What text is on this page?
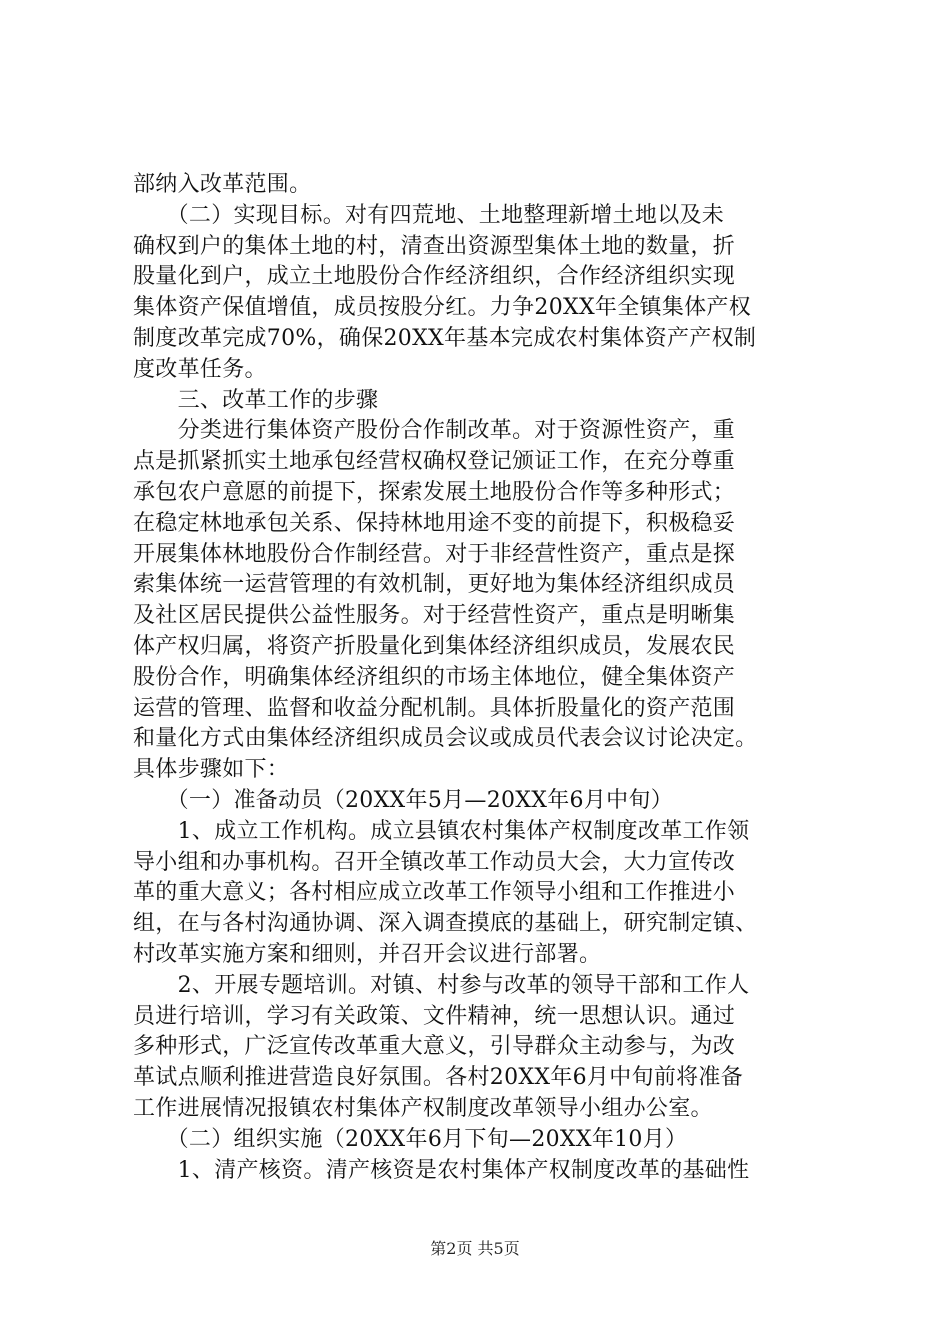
部纳入改革范围。
　　（二）实现目标。对有四荒地、土地整理新增土地以及未
确权到户的集体土地的村，清查出资源型集体土地的数量，折
股量化到户，成立土地股份合作经济组织，合作经济组织实现
集体资产保值增值，成员按股分红。力争20XX年全镇集体产权
制度改革完成70%，确保20XX年基本完成农村集体资产产权制
度改革任务。
　　三、改革工作的步骤
　　分类进行集体资产股份合作制改革。对于资源性资产，重
点是抓紧抓实土地承包经营权确权登记颁证工作，在充分尊重
承包农户意愿的前提下，探索发展土地股份合作等多种形式；
在稳定林地承包关系、保持林地用途不变的前提下，积极稳妥
开展集体林地股份合作制经营。对于非经营性资产，重点是探
索集体统一运营管理的有效机制，更好地为集体经济组织成员
及社区居民提供公益性服务。对于经营性资产，重点是明晰集
体产权归属，将资产折股量化到集体经济组织成员，发展农民
股份合作，明确集体经济组织的市场主体地位，健全集体资产
运营的管理、监督和收益分配机制。具体折股量化的资产范围
和量化方式由集体经济组织成员会议或成员代表会议讨论决定。
具体步骤如下：
　　（一）准备动员（20XX年5月—20XX年6月中旬）
　　1、成立工作机构。成立县镇农村集体产权制度改革工作领
导小组和办事机构。召开全镇改革工作动员大会，大力宣传改
革的重大意义；各村相应成立改革工作领导小组和工作推进小
组，在与各村沟通协调、深入调查摸底的基础上，研究制定镇、
村改革实施方案和细则，并召开会议进行部署。
　　2、开展专题培训。对镇、村参与改革的领导干部和工作人
员进行培训，学习有关政策、文件精神，统一思想认识。通过
多种形式，广泛宣传改革重大意义，引导群众主动参与，为改
革试点顺利推进营造良好氛围。各村20XX年6月中旬前将准备
工作进展情况报镇农村集体产权制度改革领导小组办公室。
　　（二）组织实施（20XX年6月下旬—20XX年10月）
　　1、清产核资。清产核资是农村集体产权制度改革的基础性
第2页 共5页
